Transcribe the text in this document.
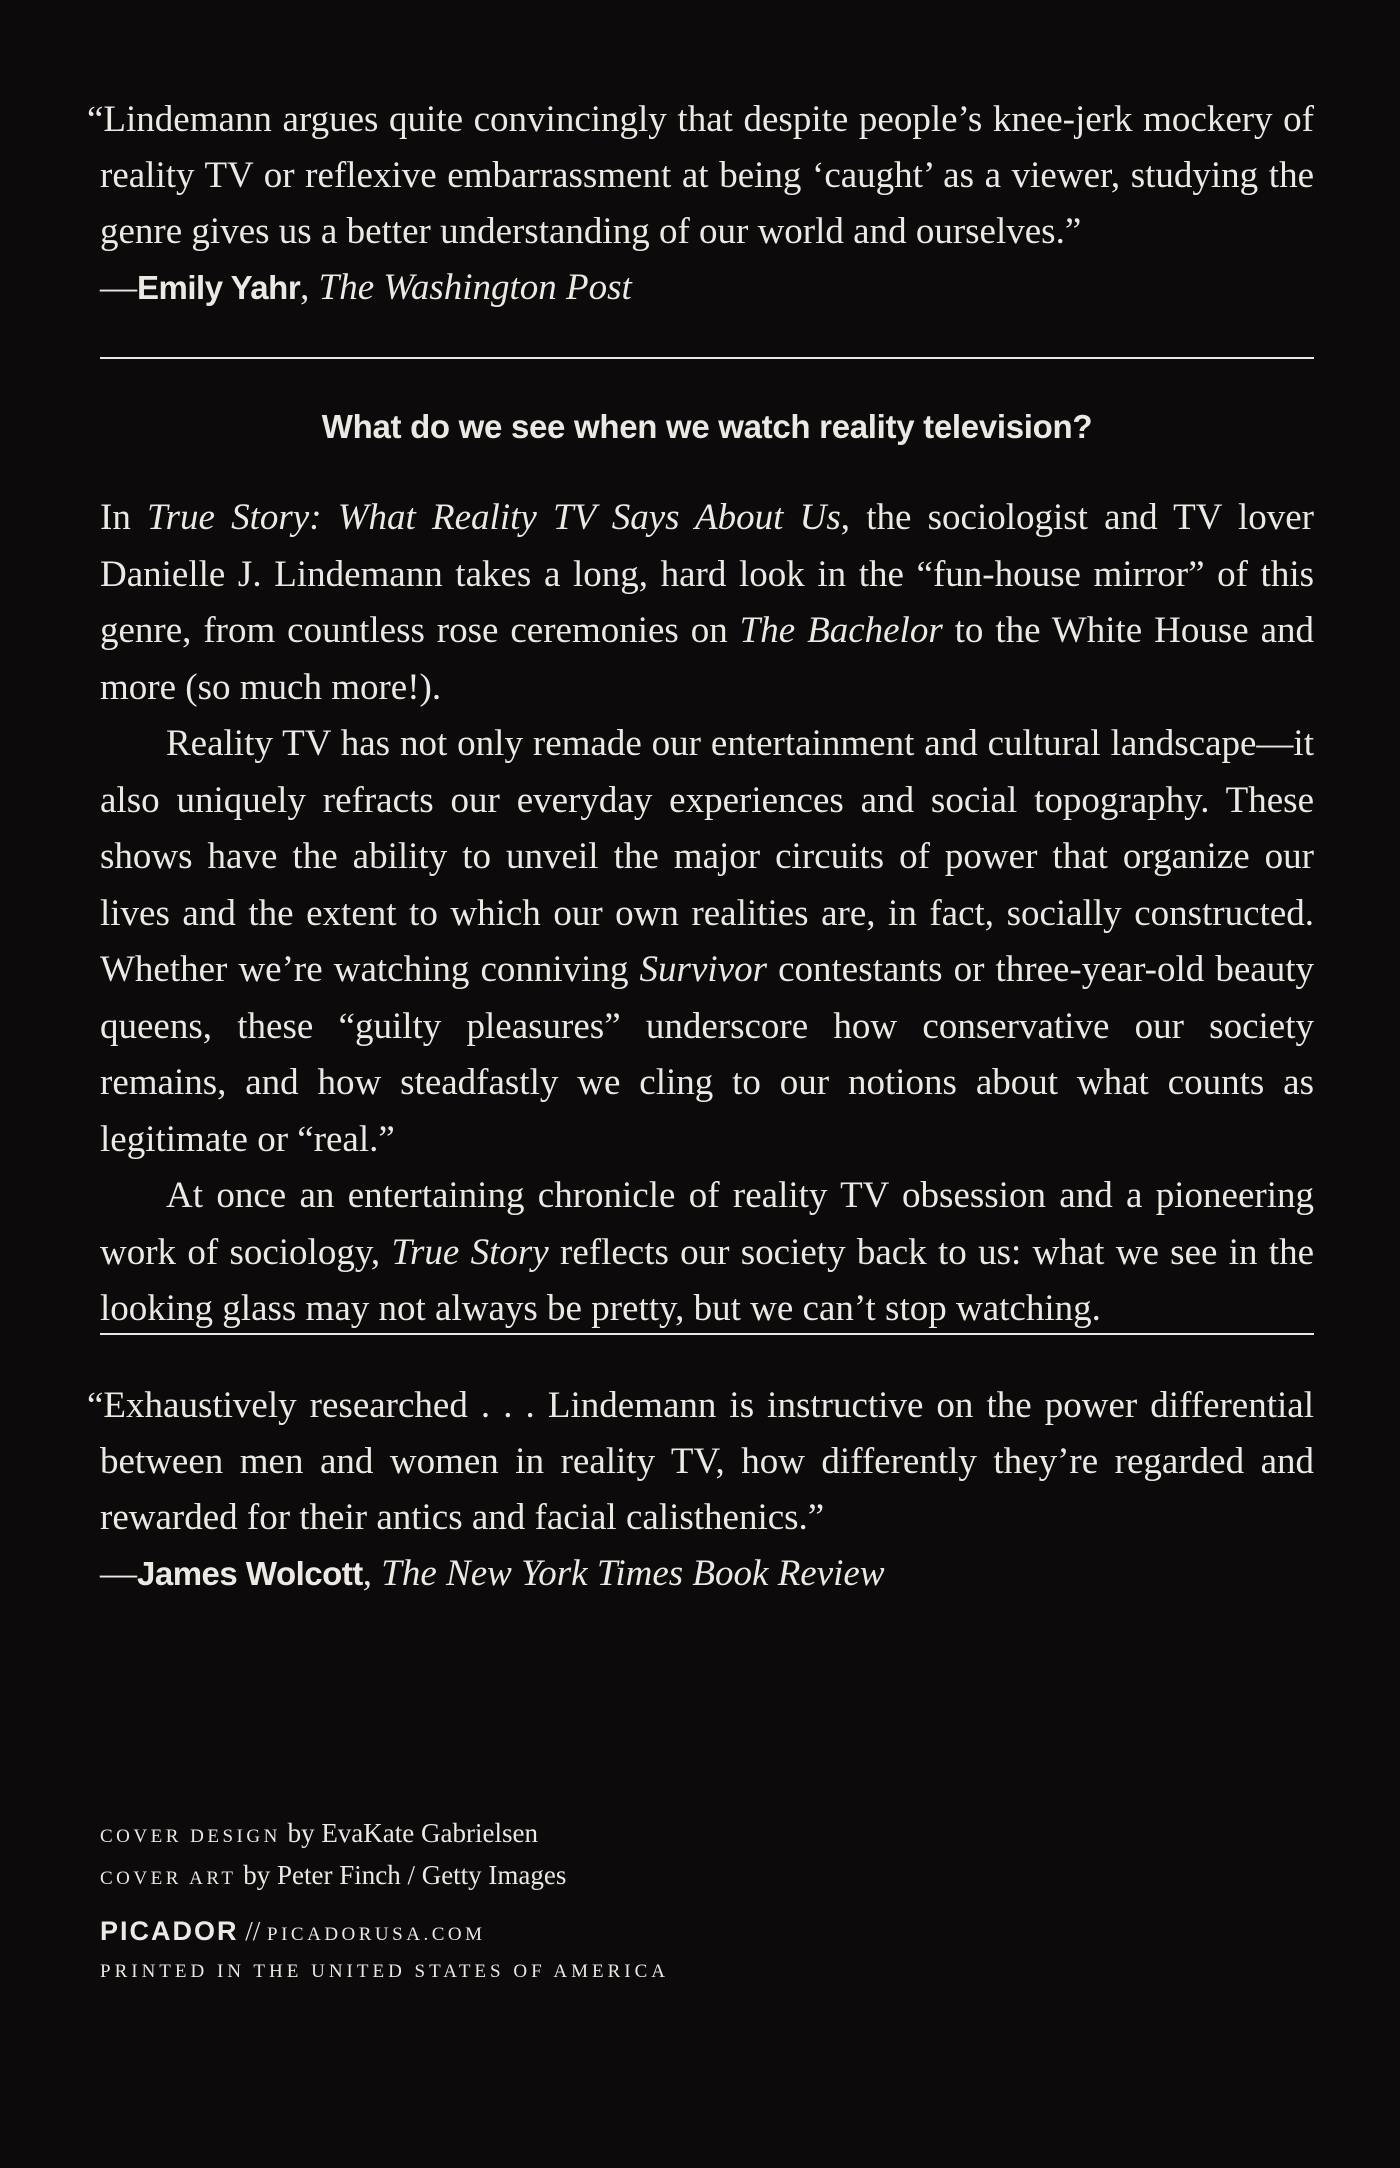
“Lindemann argues quite convincingly that despite people’s knee-jerk mockery of reality TV or reflexive embarrassment at being ‘caught’ as a viewer, studying the genre gives us a better understanding of our world and ourselves.”

—Emily Yahr, The Washington Post

What do we see when we watch reality television?

In True Story: What Reality TV Says About Us, the sociologist and TV lover Danielle J. Lindemann takes a long, hard look in the “fun-house mirror” of this genre, from countless rose ceremonies on The Bachelor to the White House and more (so much more!).

Reality TV has not only remade our entertainment and cultural landscape—it also uniquely refracts our everyday experiences and social topography. These shows have the ability to unveil the major circuits of power that organize our lives and the extent to which our own realities are, in fact, socially constructed. Whether we’re watching conniving Survivor contestants or three-year-old beauty queens, these “guilty pleasures” underscore how conservative our society remains, and how steadfastly we cling to our notions about what counts as legitimate or “real.”

At once an entertaining chronicle of reality TV obsession and a pioneering work of sociology, True Story reflects our society back to us: what we see in the looking glass may not always be pretty, but we can’t stop watching.

“Exhaustively researched . . . Lindemann is instructive on the power differential between men and women in reality TV, how differently they’re regarded and rewarded for their antics and facial calisthenics.”

—James Wolcott, The New York Times Book Review

COVER DESIGN by EvaKate Gabrielsen

COVER ART by Peter Finch / Getty Images

PICADOR // PICADORUSA.COM

PRINTED IN THE UNITED STATES OF AMERICA
